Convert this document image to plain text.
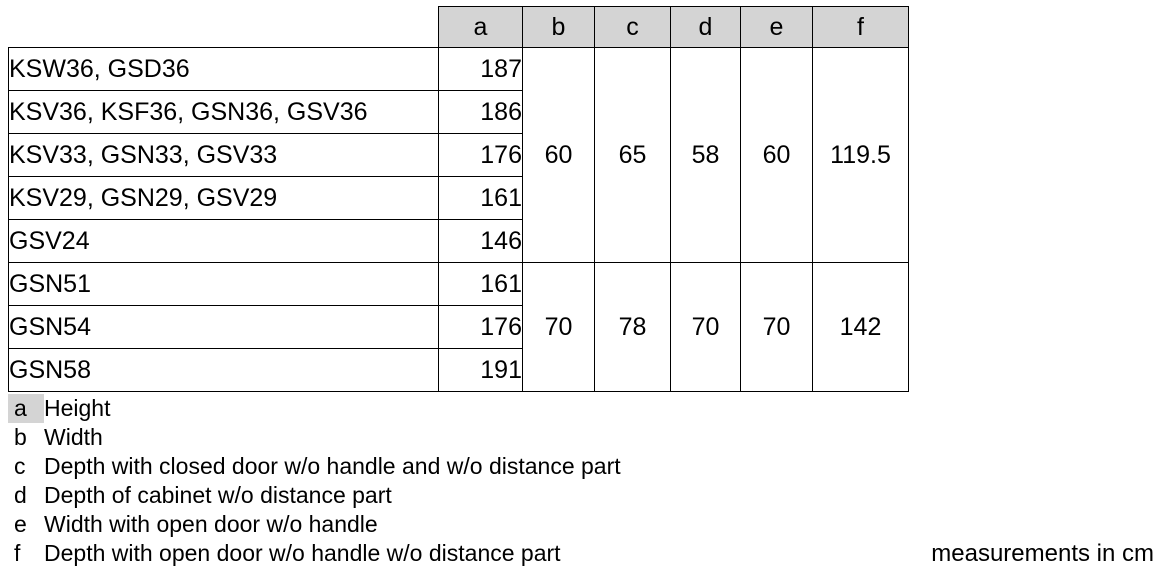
	a	b	c	d	e	f
KSW36, GSD36	187	60	65	58	60	119.5
KSV36, KSF36, GSN36, GSV36	186					
KSV33, GSN33, GSV33	176					
KSV29, GSN29, GSV29	161					
GSV24	146					
GSN51	161	70	78	70	70	142
GSN54	176					
GSN58	191					
a Height
b Width
c Depth with closed door w/o handle and w/o distance part
d Depth of cabinet w/o distance part
e Width with open door w/o handle
f	Depth with open door w/o handle w/o distance part	measurements in cm
